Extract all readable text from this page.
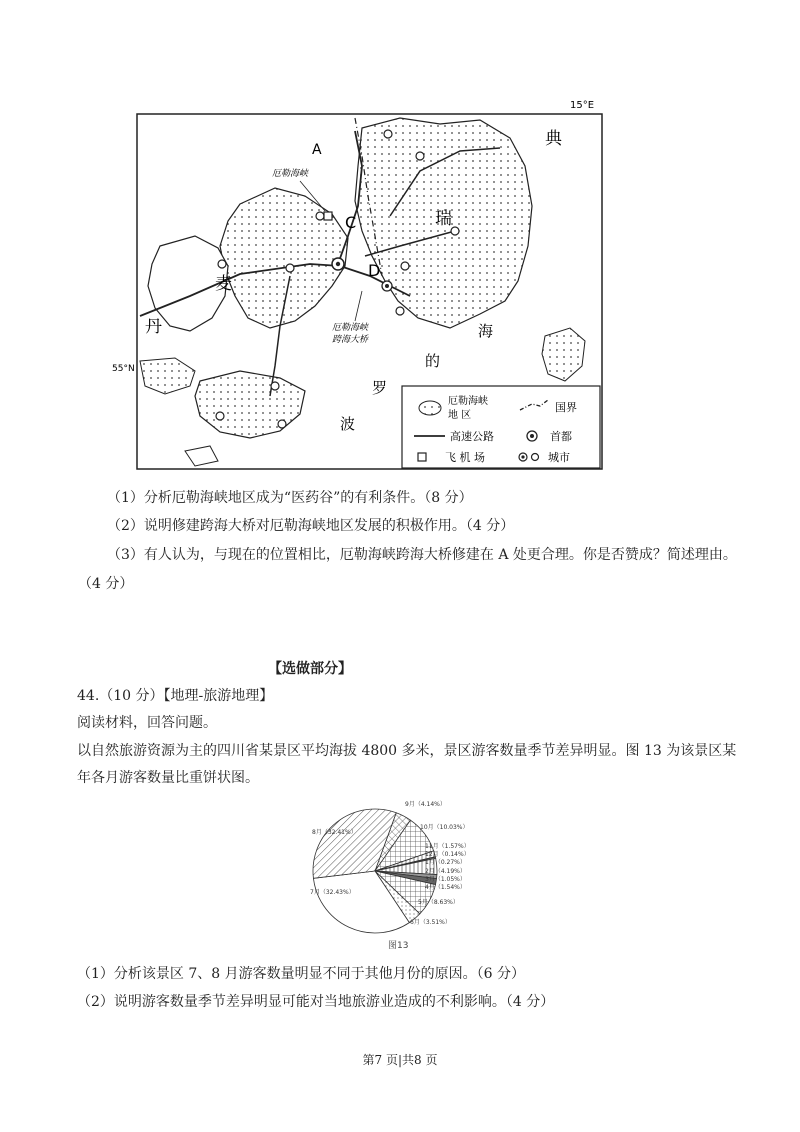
15°E
55°N
典
瑞
麦
丹	海
的
罗
波
A
C
D
厄勒海峡
厄勒海峡
跨海大桥
厄勒海峡
地 区
国界
高速公路	首都
飞 机 场	城市
（1）分析厄勒海峡地区成为“医药谷”的有利条件。（8 分）
（2）说明修建跨海大桥对厄勒海峡地区发展的积极作用。（4 分）
（3）有人认为，与现在的位置相比，厄勒海峡跨海大桥修建在 A 处更合理。你是否赞成？简述理由。
（4 分）
【选做部分】
44.（10 分）【地理-旅游地理】
阅读材料，回答问题。
以自然旅游资源为主的四川省某景区平均海拔 4800 多米，景区游客数量季节差异明显。图 13 为该景区某
年各月游客数量比重饼状图。
9月（4.14%）
10月（10.03%）
11月（1.57%）
12月（0.14%）
1月（0.27%）
2月（4.19%）
3月（1.05%）
4月（1.54%）
5月（8.63%）
6月（3.51%）
7月（32.43%）
8月（32.41%）
图13
（1）分析该景区 7、8 月游客数量明显不同于其他月份的原因。（6 分）
（2）说明游客数量季节差异明显可能对当地旅游业造成的不利影响。（4 分）
第7 页|共8 页
